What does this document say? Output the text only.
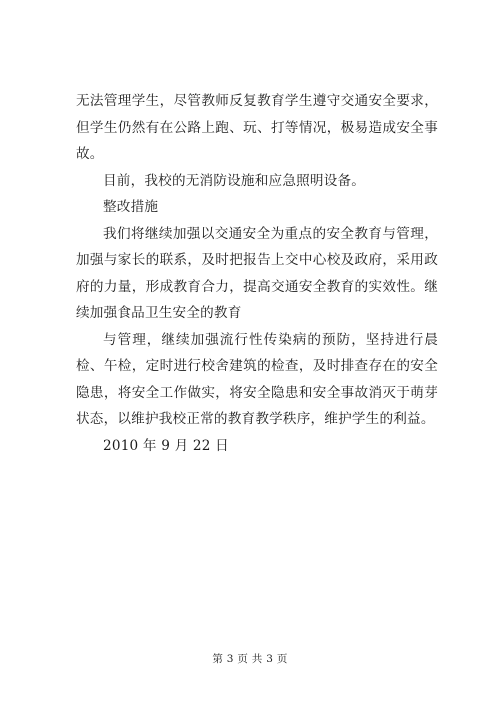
无法管理学生，尽管教师反复教育学生遵守交通安全要求，但学生仍然有在公路上跑、玩、打等情况，极易造成安全事故。

目前，我校的无消防设施和应急照明设备。

整改措施

我们将继续加强以交通安全为重点的安全教育与管理，加强与家长的联系，及时把报告上交中心校及政府，采用政府的力量，形成教育合力，提高交通安全教育的实效性。继续加强食品卫生安全的教育

与管理，继续加强流行性传染病的预防，坚持进行晨检、午检，定时进行校舍建筑的检查，及时排查存在的安全隐患，将安全工作做实，将安全隐患和安全事故消灭于萌芽状态，以维护我校正常的教育教学秩序，维护学生的利益。

2010 年 9 月 22 日

第 3 页 共 3 页
